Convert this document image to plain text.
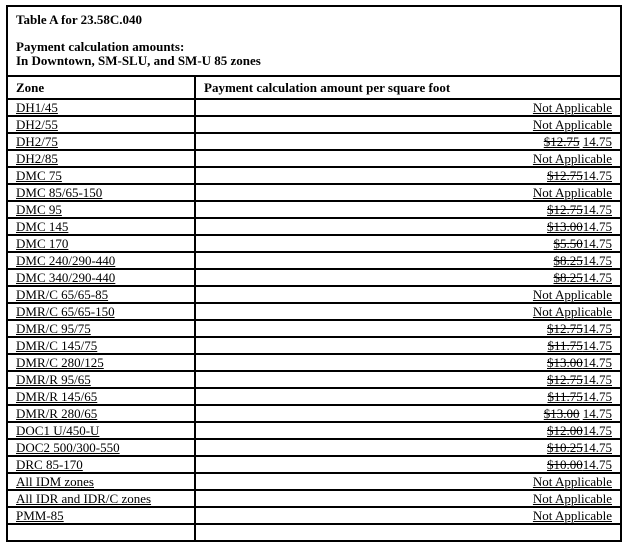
Table A for 23.58C.040

Payment calculation amounts:

In Downtown, SM-SLU, and SM-U 85 zones	

Zone	Payment calculation amount per square foot
DH1/45	Not Applicable
DH2/55	Not Applicable
DH2/75	$12.75 14.75
DH2/85	Not Applicable
DMC 75	$12.7514.75
DMC 85/65-150	Not Applicable
DMC 95	$12.7514.75
DMC 145	$13.0014.75
DMC 170	$5.5014.75
DMC 240/290-440	$8.2514.75
DMC 340/290-440	$8.2514.75
DMR/C 65/65-85	Not Applicable
DMR/C 65/65-150	Not Applicable
DMR/C 95/75	$12.7514.75
DMR/C 145/75	$11.7514.75
DMR/C 280/125	$13.0014.75
DMR/R 95/65	$12.7514.75
DMR/R 145/65	$11.7514.75
DMR/R 280/65	$13.00 14.75
DOC1 U/450-U	$12.0014.75
DOC2 500/300-550	$10.2514.75
DRC 85-170	$10.0014.75
All IDM zones	Not Applicable
All IDR and IDR/C zones	Not Applicable
PMM-85	Not Applicable
